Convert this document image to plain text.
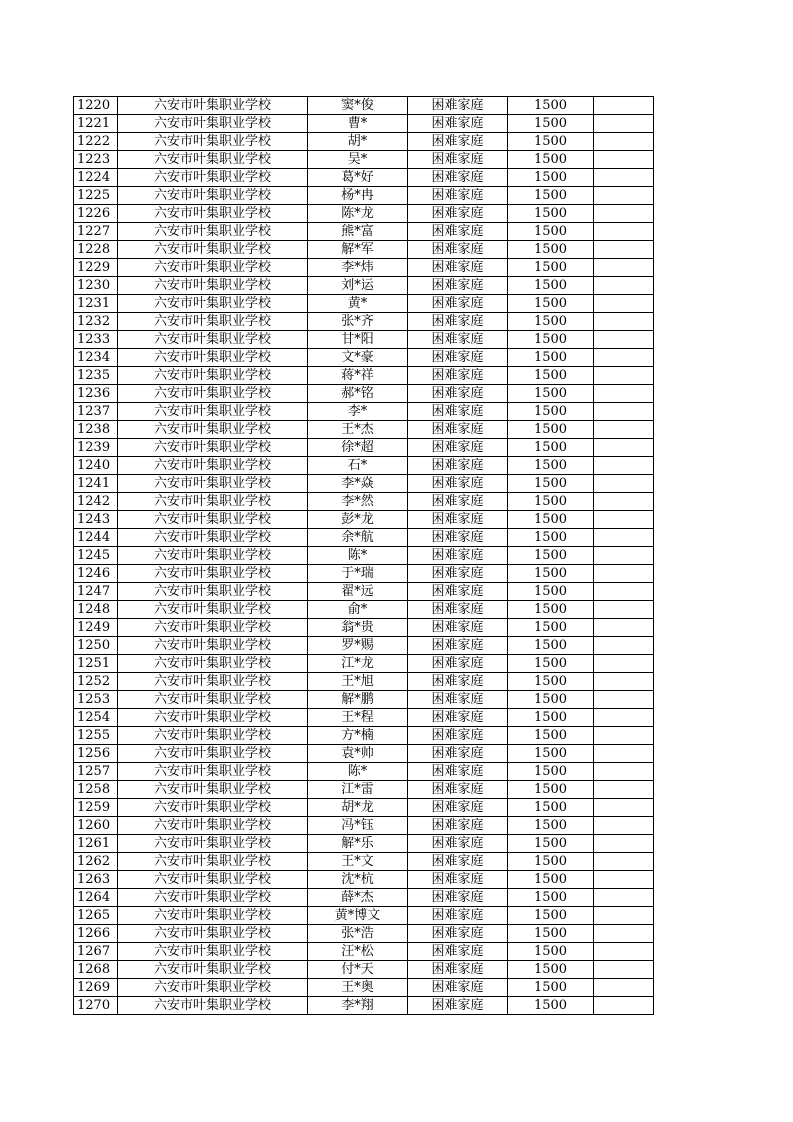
1220	六安市叶集职业学校	窦*俊	困难家庭	1500	
1221	六安市叶集职业学校	曹*	困难家庭	1500	
1222	六安市叶集职业学校	胡*	困难家庭	1500	
1223	六安市叶集职业学校	吴*	困难家庭	1500	
1224	六安市叶集职业学校	葛*好	困难家庭	1500	
1225	六安市叶集职业学校	杨*冉	困难家庭	1500	
1226	六安市叶集职业学校	陈*龙	困难家庭	1500	
1227	六安市叶集职业学校	熊*富	困难家庭	1500	
1228	六安市叶集职业学校	解*军	困难家庭	1500	
1229	六安市叶集职业学校	李*炜	困难家庭	1500	
1230	六安市叶集职业学校	刘*运	困难家庭	1500	
1231	六安市叶集职业学校	黄*	困难家庭	1500	
1232	六安市叶集职业学校	张*齐	困难家庭	1500	
1233	六安市叶集职业学校	甘*阳	困难家庭	1500	
1234	六安市叶集职业学校	文*豪	困难家庭	1500	
1235	六安市叶集职业学校	蒋*祥	困难家庭	1500	
1236	六安市叶集职业学校	郝*铭	困难家庭	1500	
1237	六安市叶集职业学校	李*	困难家庭	1500	
1238	六安市叶集职业学校	王*杰	困难家庭	1500	
1239	六安市叶集职业学校	徐*超	困难家庭	1500	
1240	六安市叶集职业学校	石*	困难家庭	1500	
1241	六安市叶集职业学校	李*焱	困难家庭	1500	
1242	六安市叶集职业学校	李*然	困难家庭	1500	
1243	六安市叶集职业学校	彭*龙	困难家庭	1500	
1244	六安市叶集职业学校	余*航	困难家庭	1500	
1245	六安市叶集职业学校	陈*	困难家庭	1500	
1246	六安市叶集职业学校	于*瑞	困难家庭	1500	
1247	六安市叶集职业学校	翟*远	困难家庭	1500	
1248	六安市叶集职业学校	俞*	困难家庭	1500	
1249	六安市叶集职业学校	翁*贵	困难家庭	1500	
1250	六安市叶集职业学校	罗*赐	困难家庭	1500	
1251	六安市叶集职业学校	江*龙	困难家庭	1500	
1252	六安市叶集职业学校	王*旭	困难家庭	1500	
1253	六安市叶集职业学校	解*鹏	困难家庭	1500	
1254	六安市叶集职业学校	王*程	困难家庭	1500	
1255	六安市叶集职业学校	方*楠	困难家庭	1500	
1256	六安市叶集职业学校	袁*帅	困难家庭	1500	
1257	六安市叶集职业学校	陈*	困难家庭	1500	
1258	六安市叶集职业学校	江*雷	困难家庭	1500	
1259	六安市叶集职业学校	胡*龙	困难家庭	1500	
1260	六安市叶集职业学校	冯*钰	困难家庭	1500	
1261	六安市叶集职业学校	解*乐	困难家庭	1500	
1262	六安市叶集职业学校	王*文	困难家庭	1500	
1263	六安市叶集职业学校	沈*杭	困难家庭	1500	
1264	六安市叶集职业学校	薛*杰	困难家庭	1500	
1265	六安市叶集职业学校	黄*博文	困难家庭	1500	
1266	六安市叶集职业学校	张*浩	困难家庭	1500	
1267	六安市叶集职业学校	汪*松	困难家庭	1500	
1268	六安市叶集职业学校	付*天	困难家庭	1500	
1269	六安市叶集职业学校	王*奥	困难家庭	1500	
1270	六安市叶集职业学校	李*翔	困难家庭	1500	
